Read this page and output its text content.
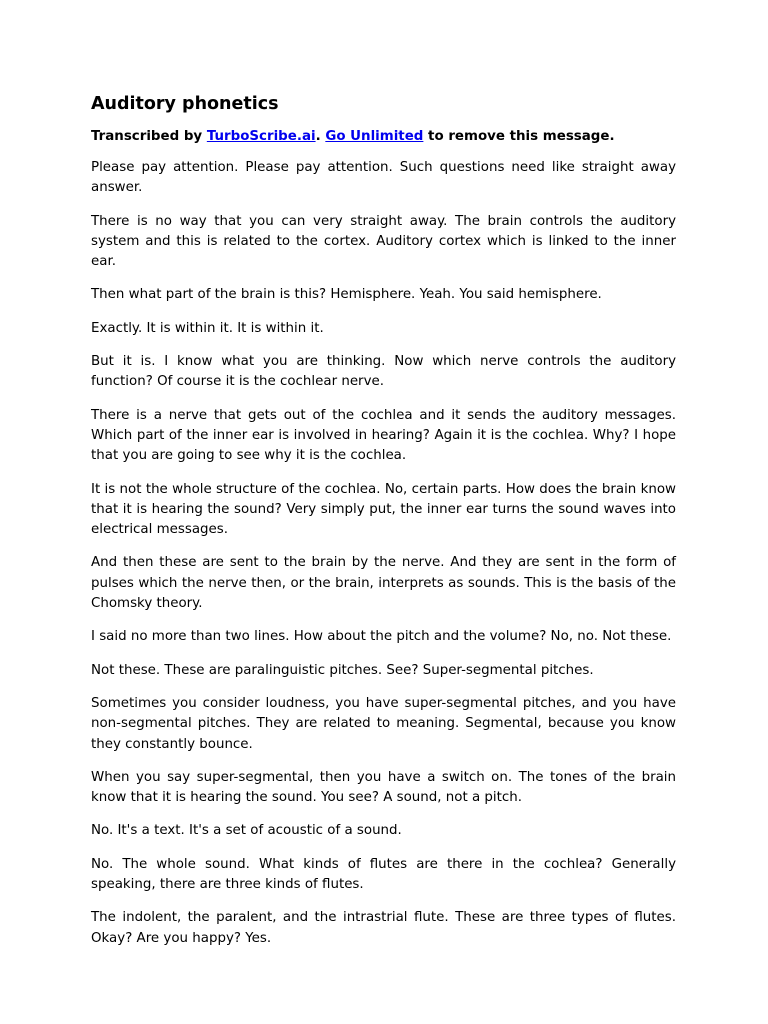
Auditory phonetics
Transcribed by TurboScribe.ai. Go Unlimited to remove this message.

Please pay attention. Please pay attention. Such questions need like straight away answer.

There is no way that you can very straight away. The brain controls the auditory system and this is related to the cortex. Auditory cortex which is linked to the inner ear.

Then what part of the brain is this? Hemisphere. Yeah. You said hemisphere.

Exactly. It is within it. It is within it.

But it is. I know what you are thinking. Now which nerve controls the auditory function? Of course it is the cochlear nerve.

There is a nerve that gets out of the cochlea and it sends the auditory messages. Which part of the inner ear is involved in hearing? Again it is the cochlea. Why? I hope that you are going to see why it is the cochlea.

It is not the whole structure of the cochlea. No, certain parts. How does the brain know that it is hearing the sound? Very simply put, the inner ear turns the sound waves into electrical messages.

And then these are sent to the brain by the nerve. And they are sent in the form of pulses which the nerve then, or the brain, interprets as sounds. This is the basis of the Chomsky theory.

I said no more than two lines. How about the pitch and the volume? No, no. Not these.

Not these. These are paralinguistic pitches. See? Super-segmental pitches.

Sometimes you consider loudness, you have super-segmental pitches, and you have non-segmental pitches. They are related to meaning. Segmental, because you know they constantly bounce.

When you say super-segmental, then you have a switch on. The tones of the brain know that it is hearing the sound. You see? A sound, not a pitch.

No. It's a text. It's a set of acoustic of a sound.

No. The whole sound. What kinds of flutes are there in the cochlea? Generally speaking, there are three kinds of flutes.

The indolent, the paralent, and the intrastrial flute. These are three types of flutes. Okay? Are you happy? Yes.
